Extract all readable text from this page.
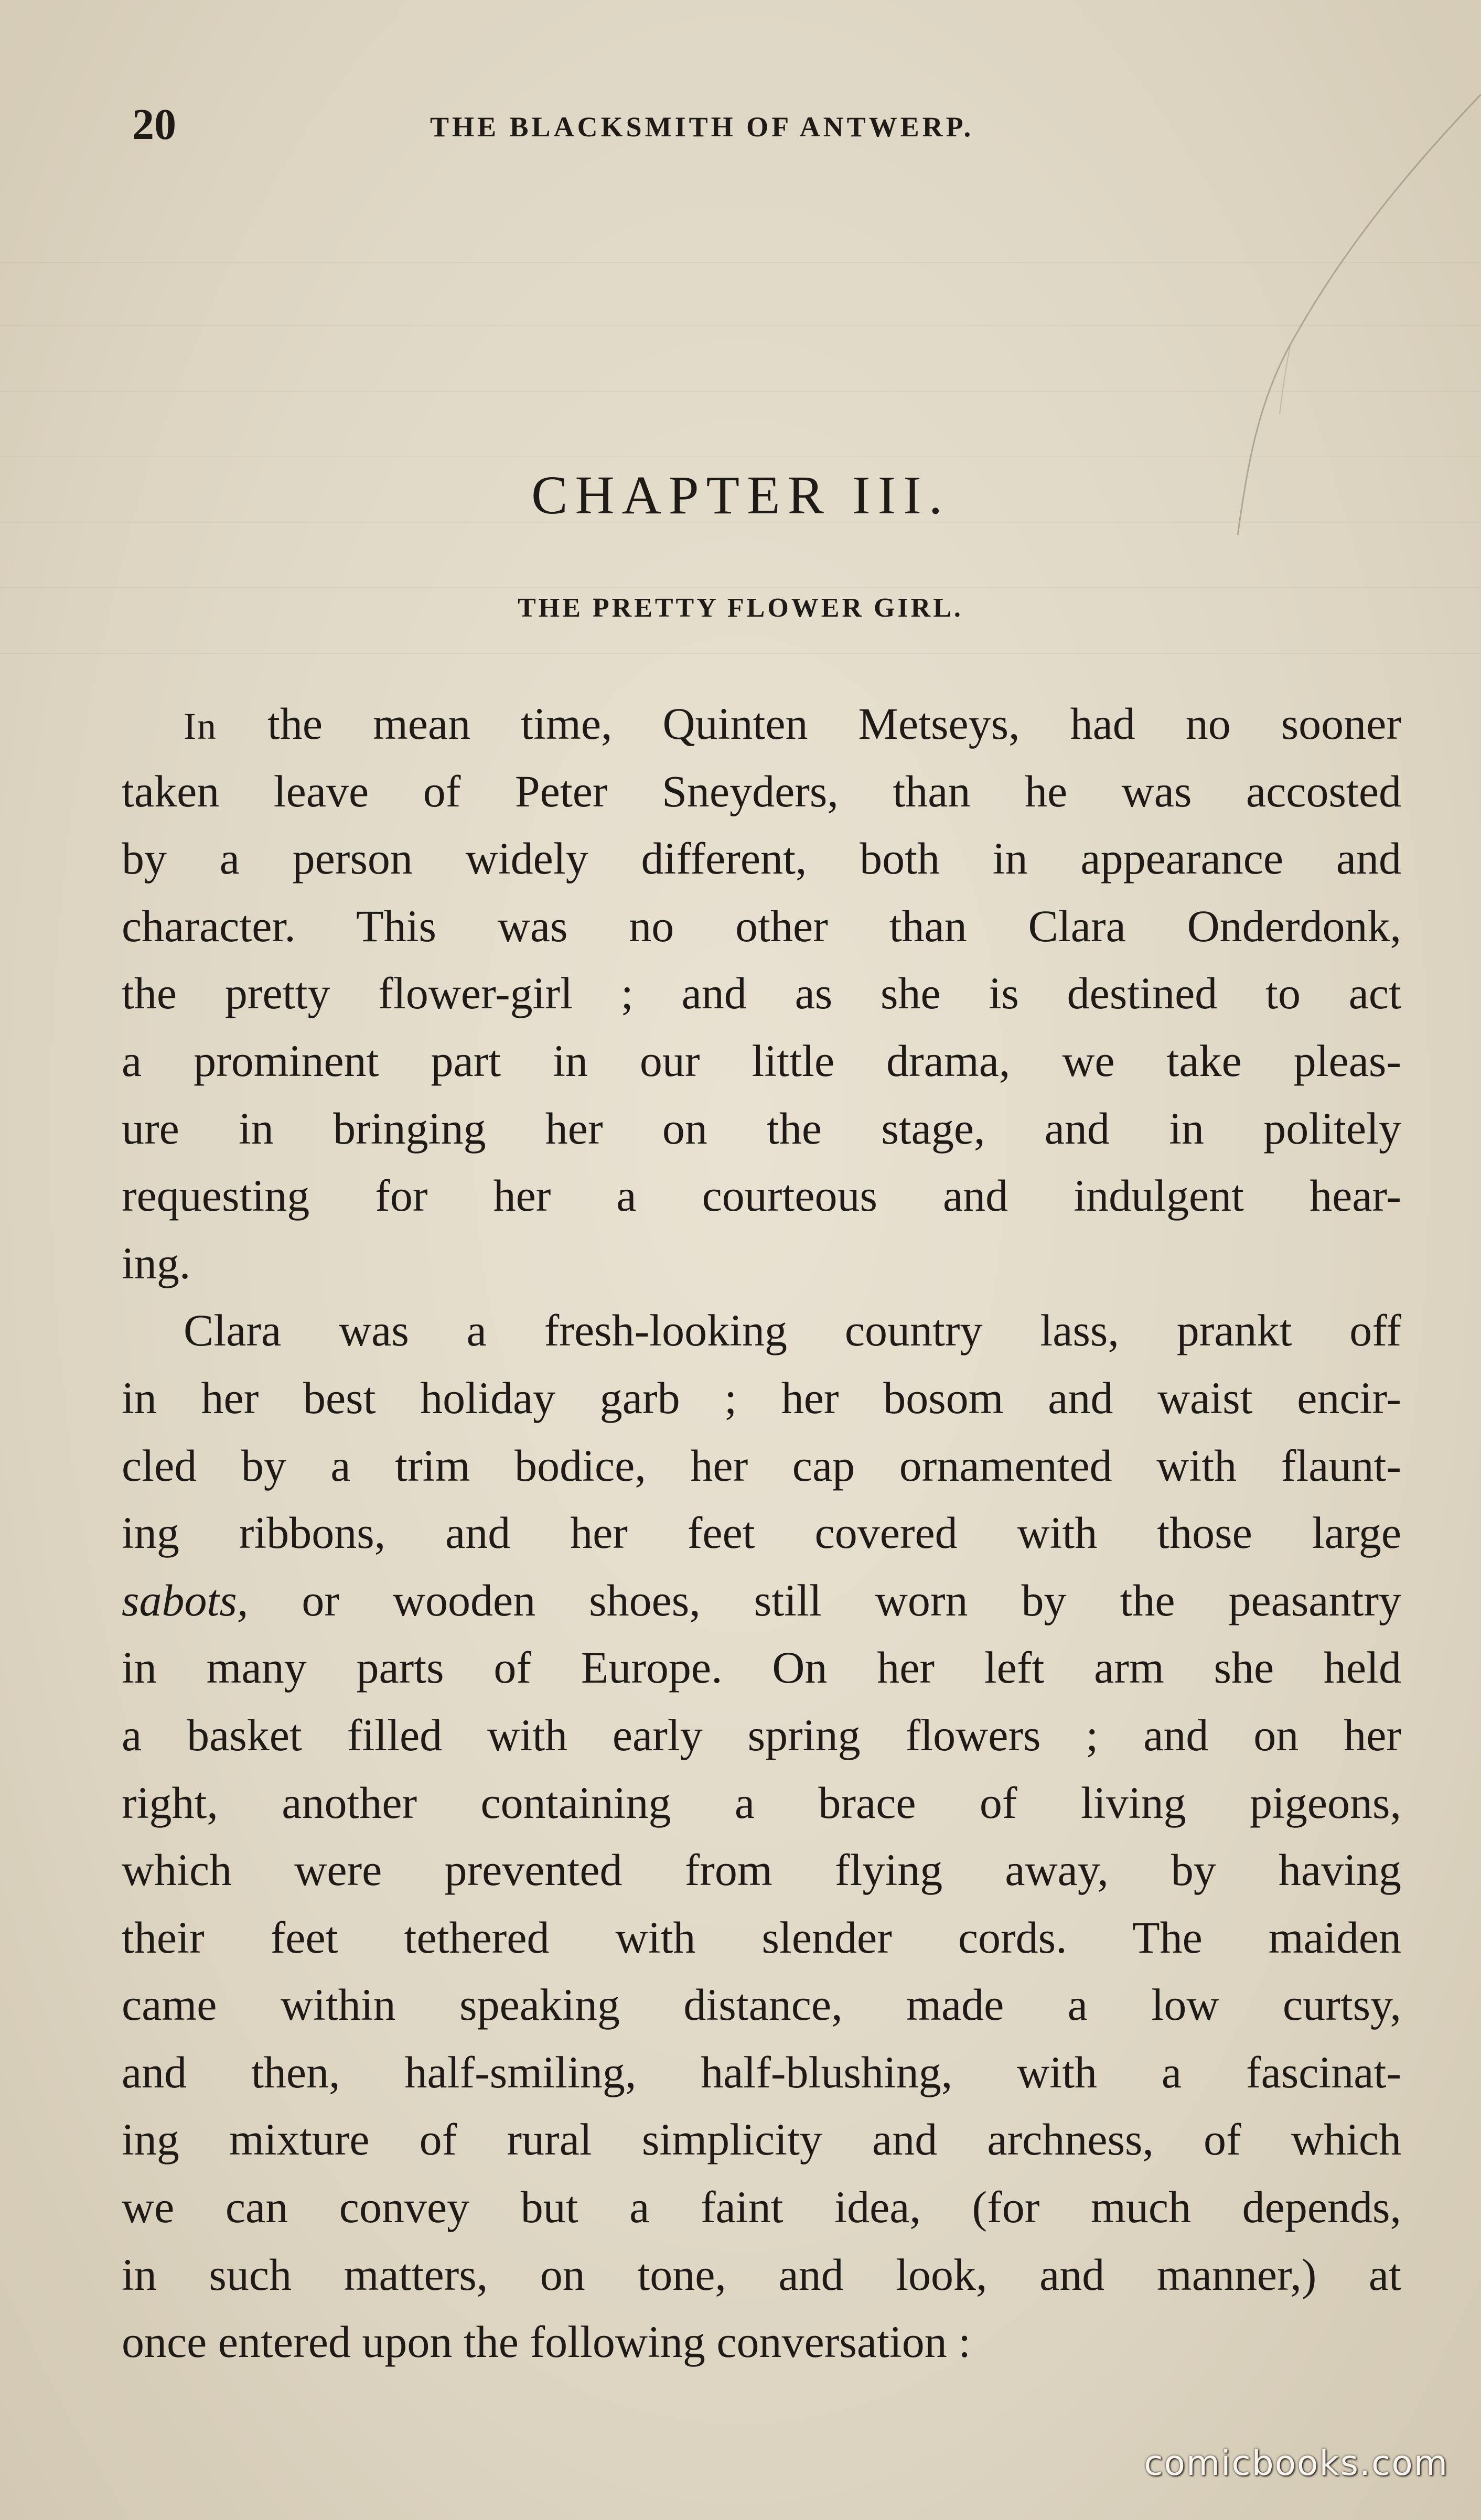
20	THE BLACKSMITH OF ANTWERP.
CHAPTER III.
THE PRETTY FLOWER GIRL.
In the mean time, Quinten Metseys, had no sooner
taken leave of Peter Sneyders, than he was accosted
by a person widely different, both in appearance and
character. This was no other than Clara Onderdonk,
the pretty flower-girl ; and as she is destined to act
a prominent part in our little drama, we take pleas-
ure in bringing her on the stage, and in politely
requesting for her a courteous and indulgent hear-
ing.
Clara was a fresh-looking country lass, prankt off
in her best holiday garb ; her bosom and waist encir-
cled by a trim bodice, her cap ornamented with flaunt-
ing ribbons, and her feet covered with those large
sabots, or wooden shoes, still worn by the peasantry
in many parts of Europe. On her left arm she held
a basket filled with early spring flowers ; and on her
right, another containing a brace of living pigeons,
which were prevented from flying away, by having
their feet tethered with slender cords. The maiden
came within speaking distance, made a low curtsy,
and then, half-smiling, half-blushing, with a fascinat-
ing mixture of rural simplicity and archness, of which
we can convey but a faint idea, (for much depends,
in such matters, on tone, and look, and manner,) at
once entered upon the following conversation :
comicbooks.com
